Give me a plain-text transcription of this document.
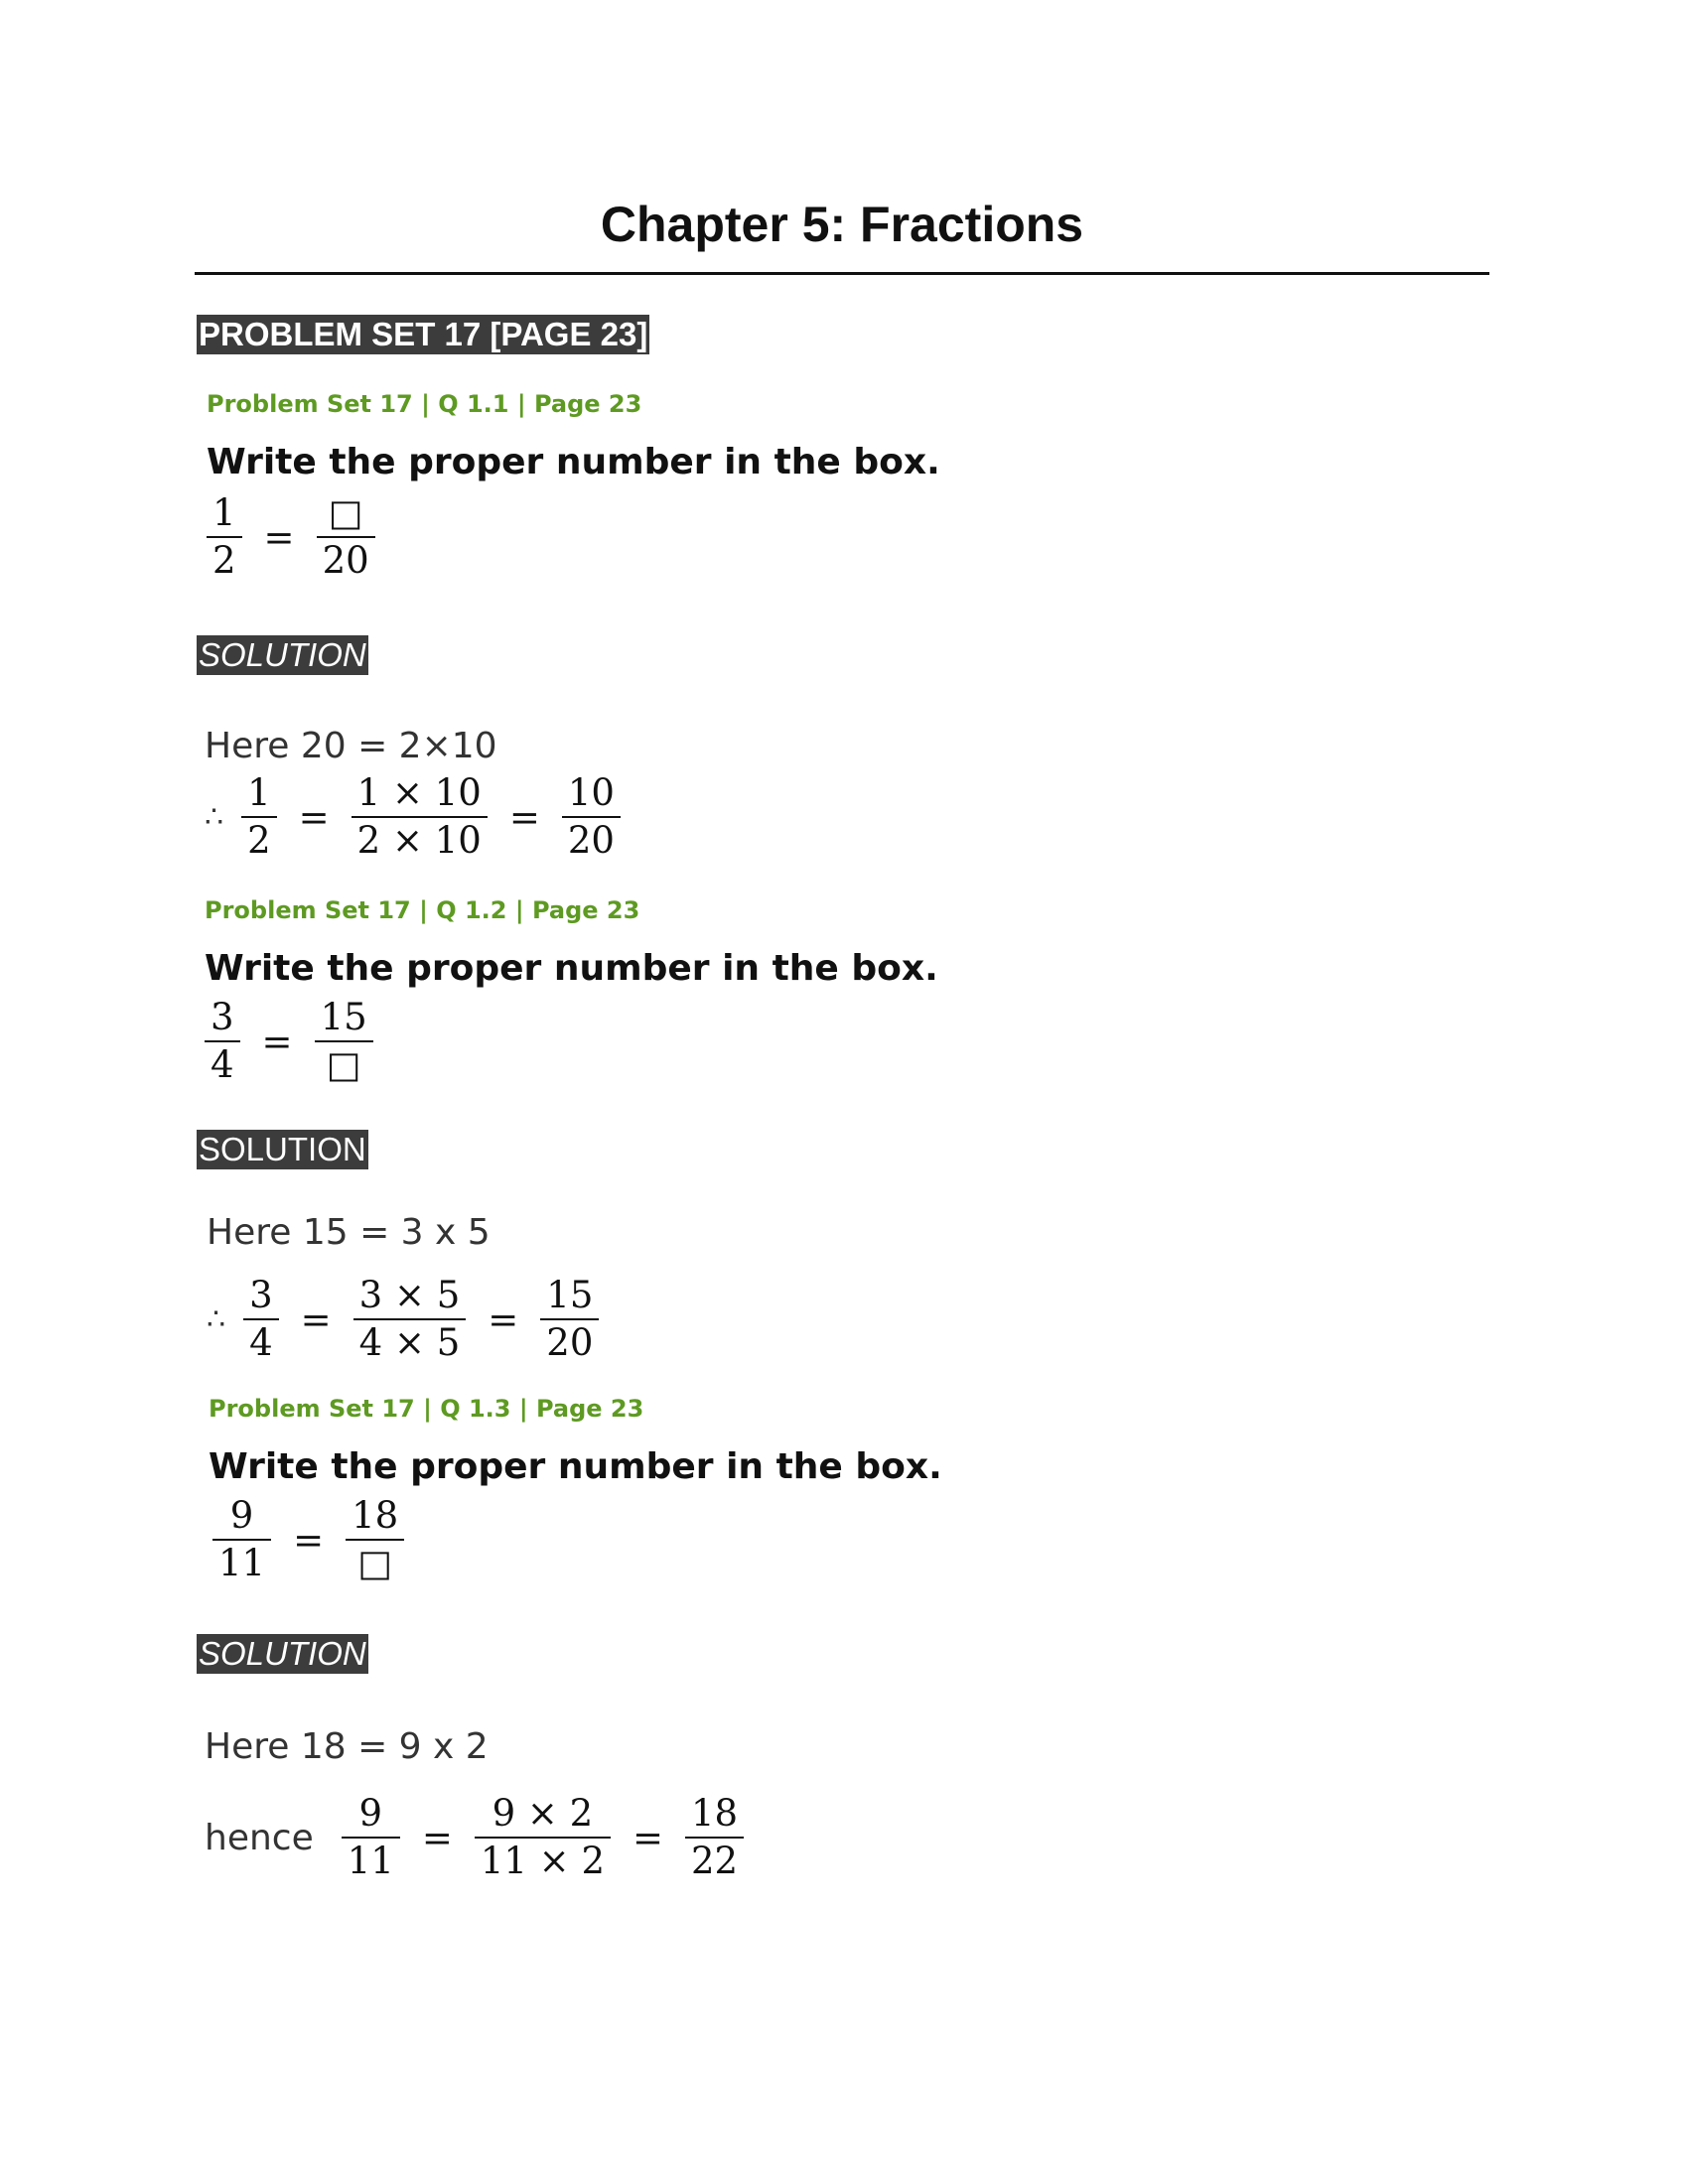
Chapter 5: Fractions
PROBLEM SET 17 [PAGE 23]
Problem Set 17 | Q 1.1 | Page 23
Write the proper number in the box.
$\frac{1}{2} = \frac{□}{20}$
SOLUTION
Here 20 = 2×10
∴ $\frac{1}{2} = \frac{1 \times 10}{2 \times 10} = \frac{10}{20}$
Problem Set 17 | Q 1.2 | Page 23
Write the proper number in the box.
$\frac{3}{4} = \frac{15}{□}$
SOLUTION
Here 15 = 3 x 5
∴ $\frac{3}{4} = \frac{3 \times 5}{4 \times 5} = \frac{15}{20}$
Problem Set 17 | Q 1.3 | Page 23
Write the proper number in the box.
$\frac{9}{11} = \frac{18}{□}$
SOLUTION
Here 18 = 9 x 2
hence $\frac{9}{11} = \frac{9 \times 2}{11 \times 2} = \frac{18}{22}$
